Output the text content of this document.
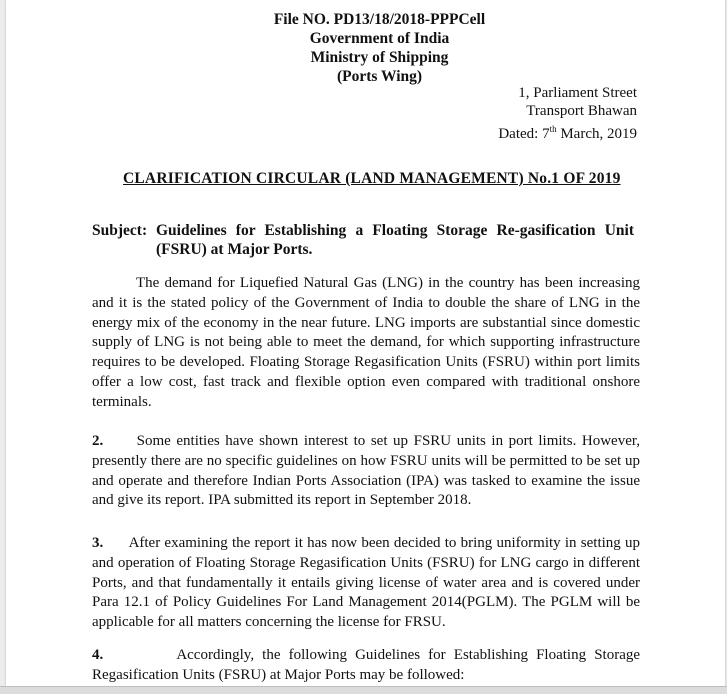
File NO. PD13/18/2018-PPPCell
Government of India
Ministry of Shipping
(Ports Wing)
1, Parliament Street
Transport Bhawan
Dated: 7th March, 2019
CLARIFICATION CIRCULAR (LAND MANAGEMENT) No.1 OF 2019
Subject: Guidelines for Establishing a Floating Storage Re-gasification Unit
(FSRU) at Major Ports.

The demand for Liquefied Natural Gas (LNG) in the country has been increasing and it is the stated policy of the Government of India to double the share of LNG in the energy mix of the economy in the near future. LNG imports are substantial since domestic supply of LNG is not being able to meet the demand, for which supporting infrastructure requires to be developed. Floating Storage Regasification Units (FSRU) within port limits offer a low cost, fast track and flexible option even compared with traditional onshore terminals.

2. Some entities have shown interest to set up FSRU units in port limits. However, presently there are no specific guidelines on how FSRU units will be permitted to be set up and operate and therefore Indian Ports Association (IPA) was tasked to examine the issue and give its report. IPA submitted its report in September 2018.

3. After examining the report it has now been decided to bring uniformity in setting up and operation of Floating Storage Regasification Units (FSRU) for LNG cargo in different Ports, and that fundamentally it entails giving license of water area and is covered under Para 12.1 of Policy Guidelines For Land Management 2014(PGLM). The PGLM will be applicable for all matters concerning the license for FRSU.

4.	Accordingly, the following Guidelines for Establishing Floating Storage Regasification Units (FSRU) at Major Ports may be followed:
